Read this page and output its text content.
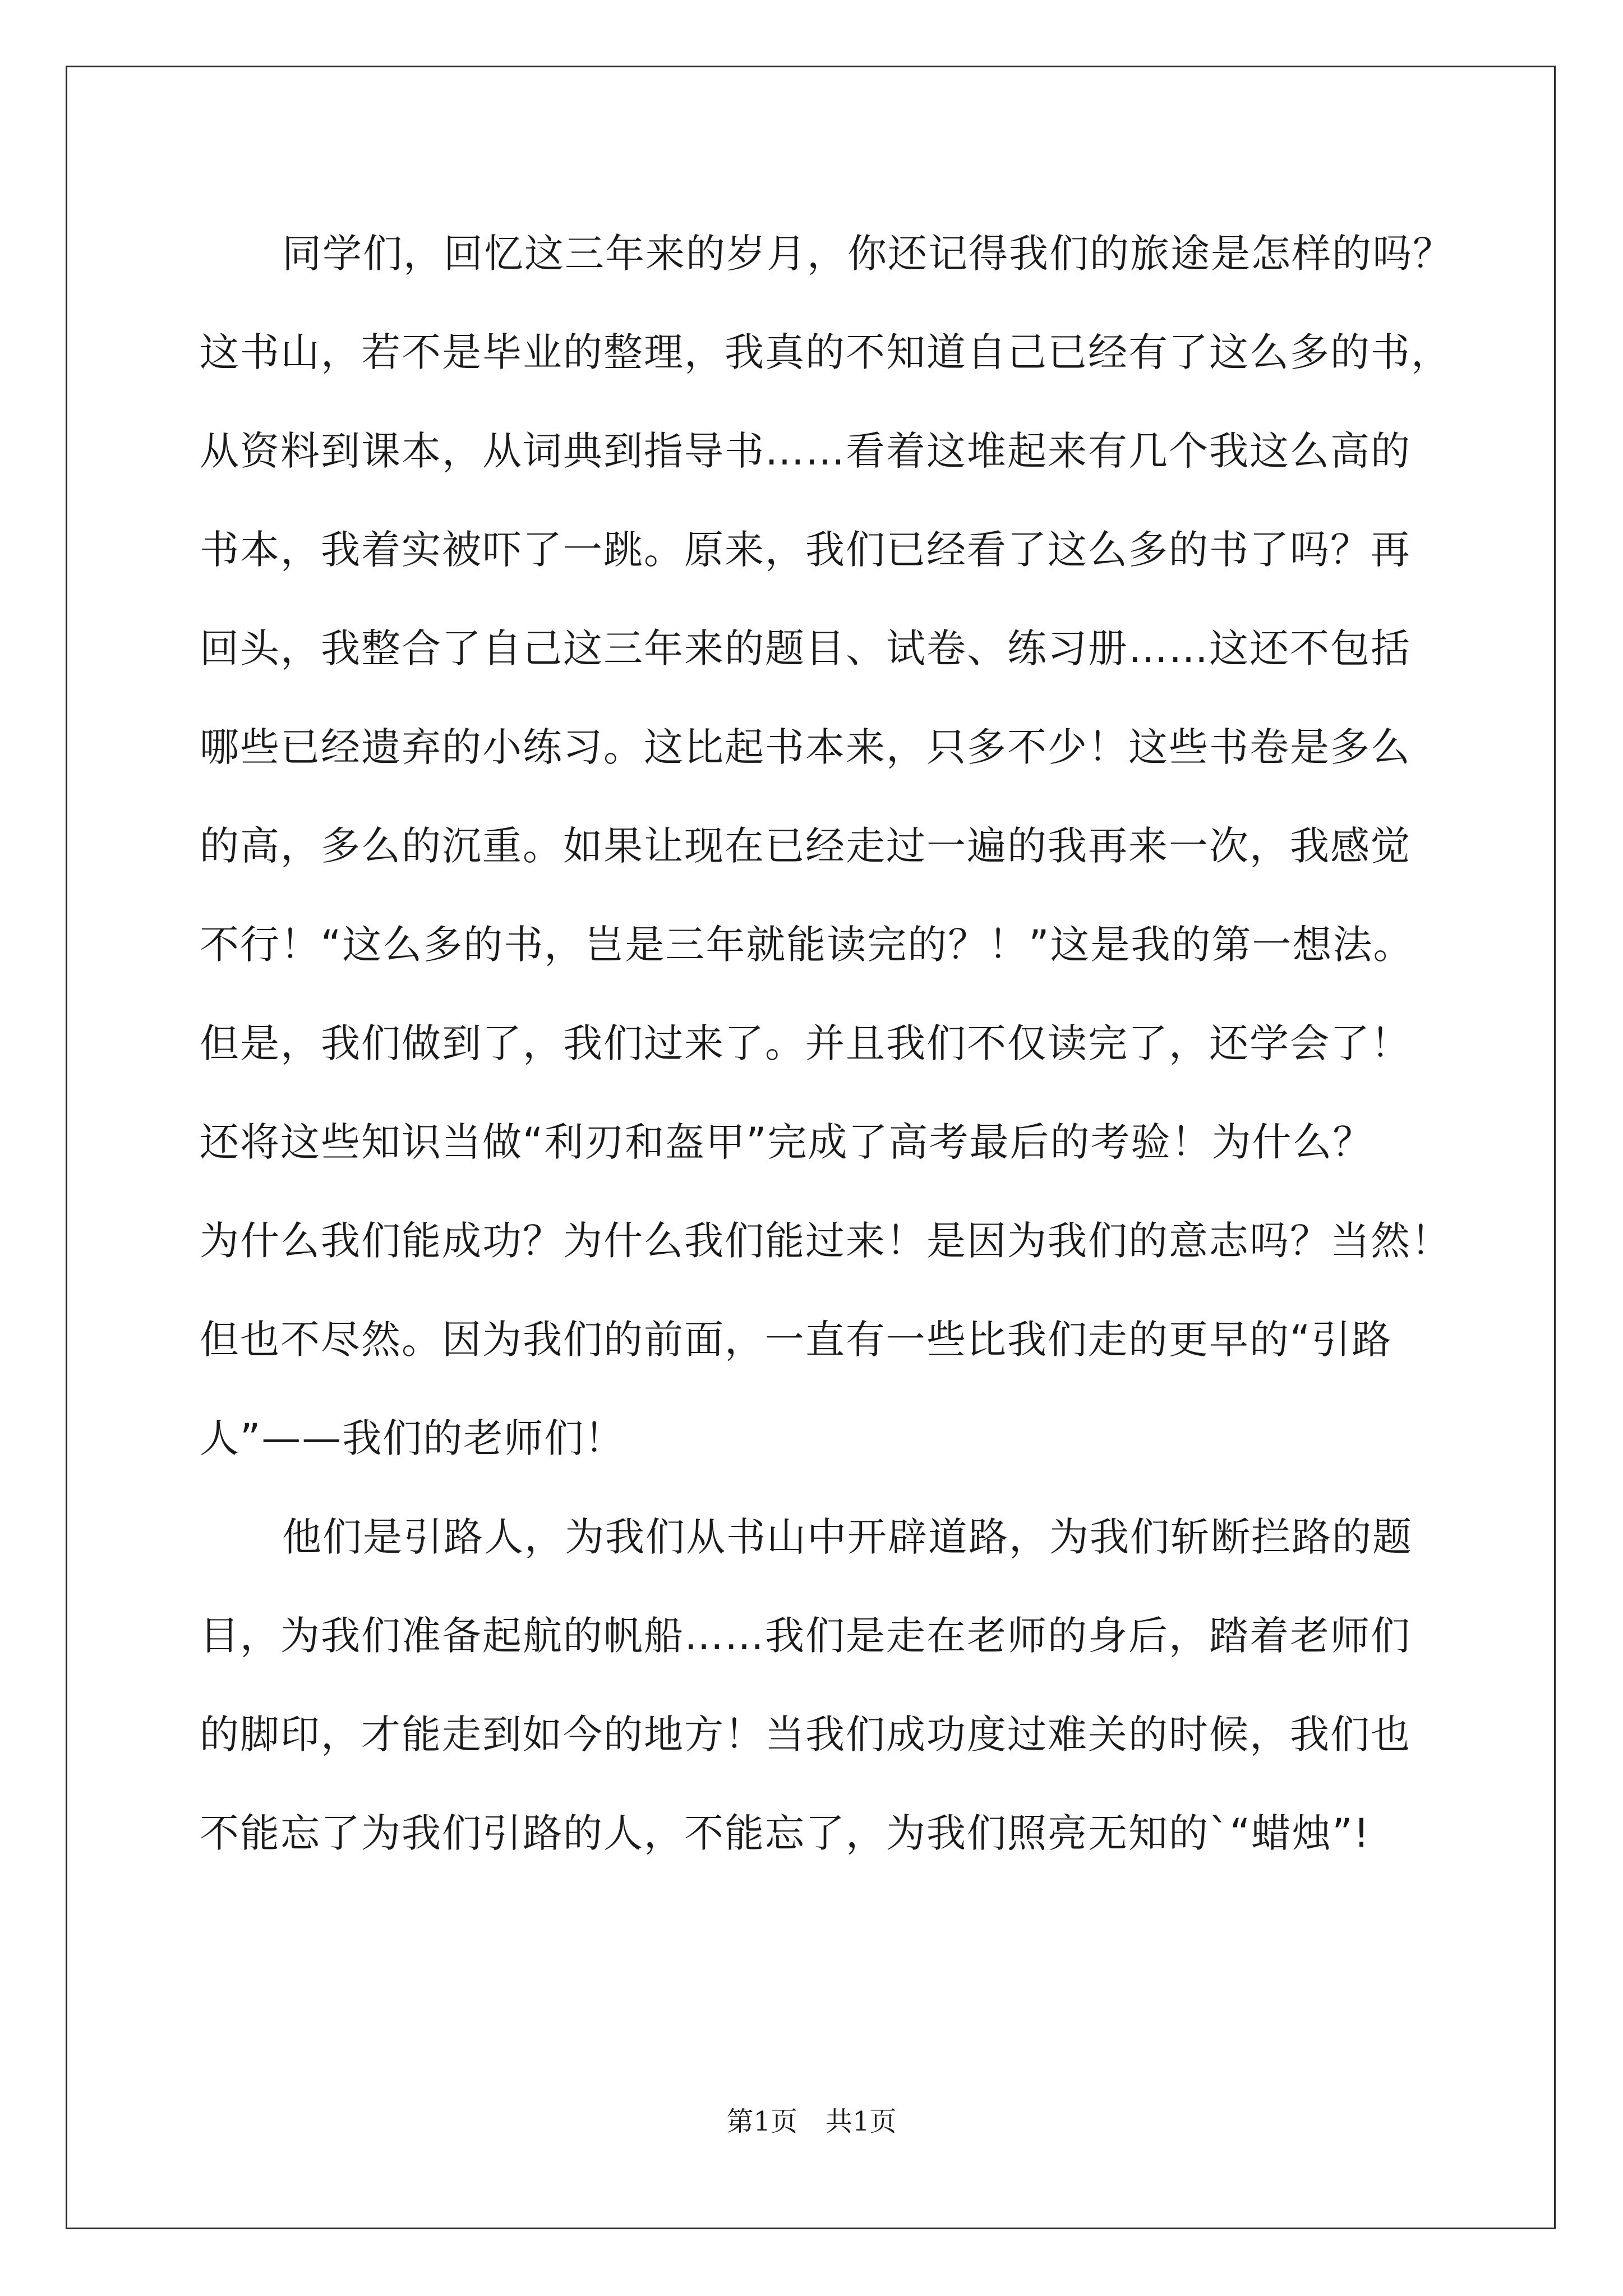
同学们，回忆这三年来的岁月，你还记得我们的旅途是怎样的吗？
这书山，若不是毕业的整理，我真的不知道自己已经有了这么多的书，
从资料到课本，从词典到指导书……看着这堆起来有几个我这么高的
书本，我着实被吓了一跳。原来，我们已经看了这么多的书了吗？再
回头，我整合了自己这三年来的题目、试卷、练习册……这还不包括
哪些已经遗弃的小练习。这比起书本来，只多不少！这些书卷是多么
的高，多么的沉重。如果让现在已经走过一遍的我再来一次，我感觉
不行！“这么多的书，岂是三年就能读完的？！”这是我的第一想法。
但是，我们做到了，我们过来了。并且我们不仅读完了，还学会了！
还将这些知识当做“利刃和盔甲”完成了高考最后的考验！为什么？
为什么我们能成功？为什么我们能过来！是因为我们的意志吗？当然！
但也不尽然。因为我们的前面，一直有一些比我们走的更早的“引路
人”——我们的老师们！
他们是引路人，为我们从书山中开辟道路，为我们斩断拦路的题
目，为我们准备起航的帆船……我们是走在老师的身后，踏着老师们
的脚印，才能走到如今的地方！当我们成功度过难关的时候，我们也
不能忘了为我们引路的人，不能忘了，为我们照亮无知的`“蜡烛”!
第1页 共1页
